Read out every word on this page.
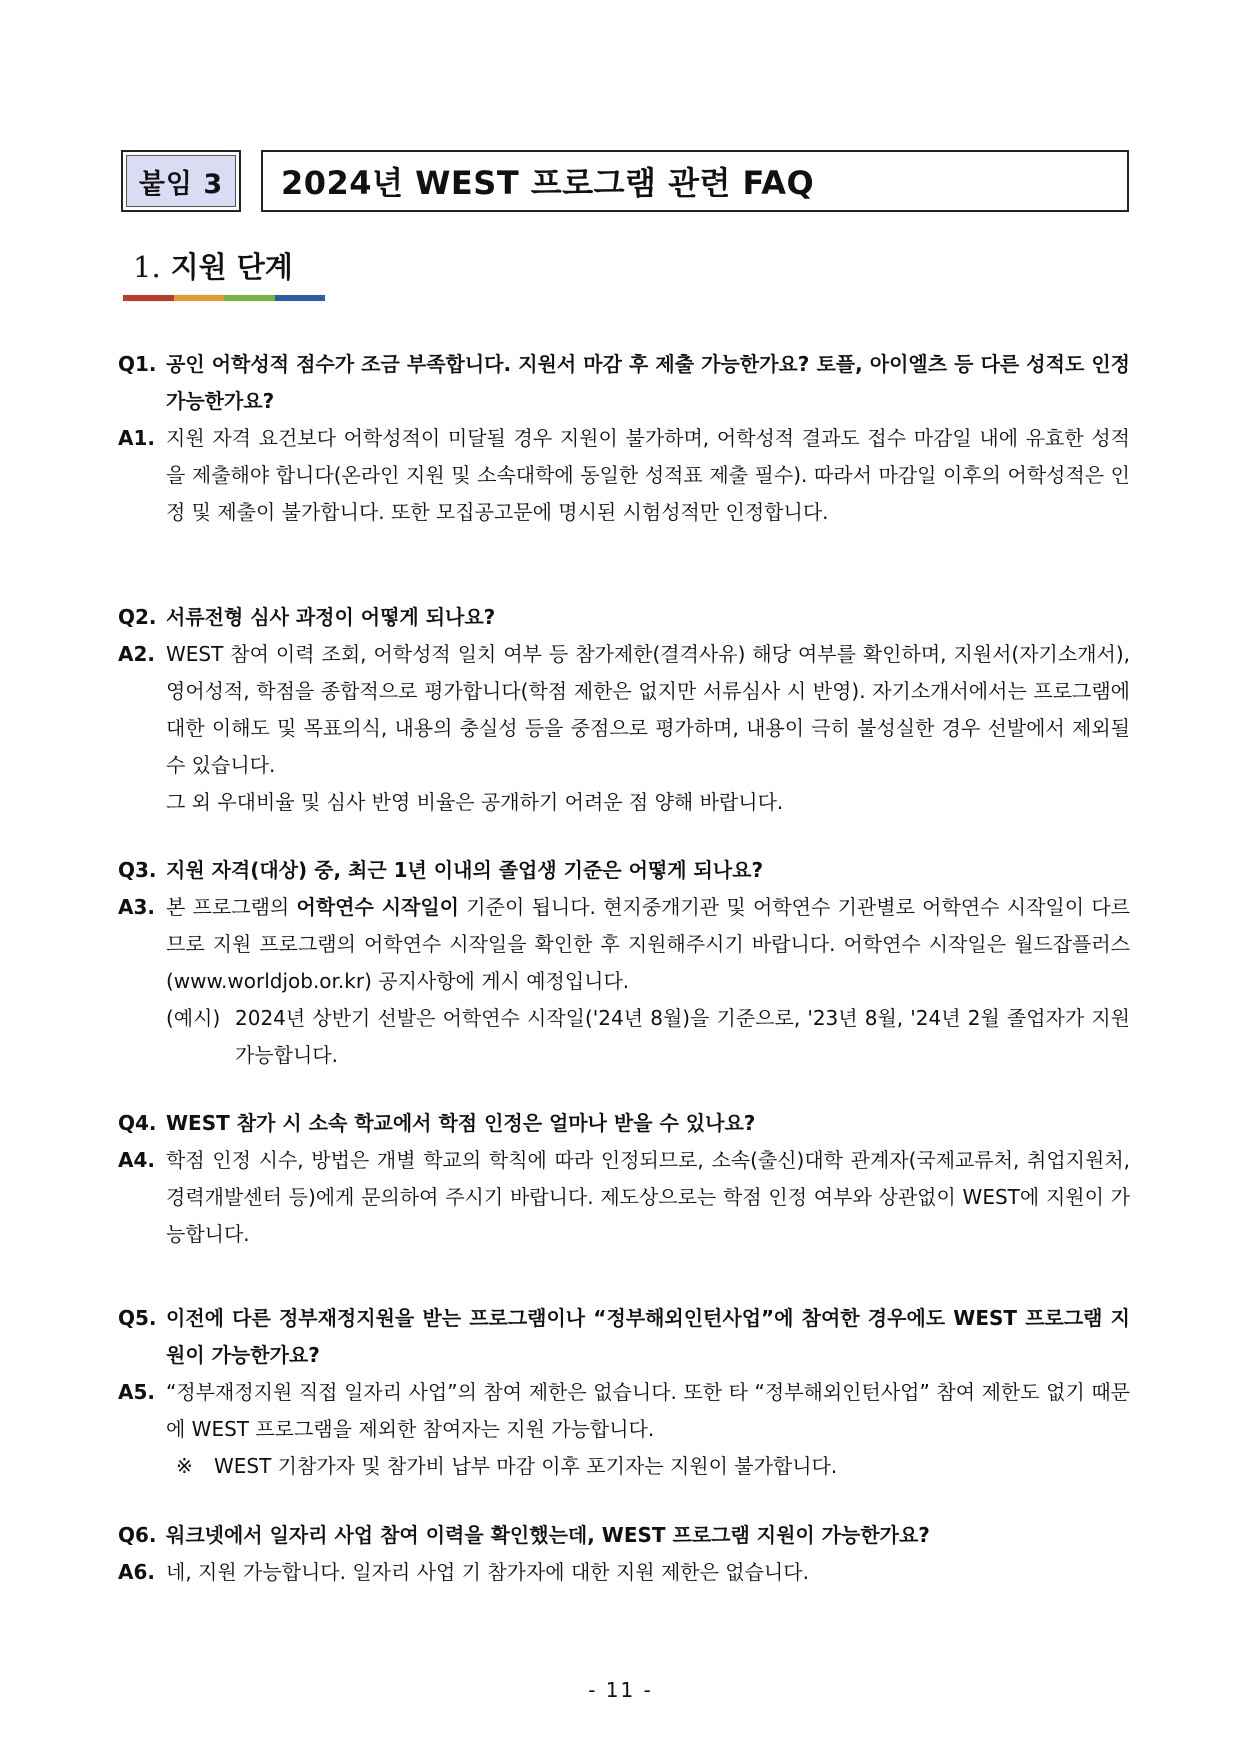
붙임 3	2024년 WEST 프로그램 관련 FAQ
1. 지원 단계
Q1. 공인 어학성적 점수가 조금 부족합니다. 지원서 마감 후 제출 가능한가요? 토플, 아이엘츠 등 다른 성적도 인정 가능한가요?
A1. 지원 자격 요건보다 어학성적이 미달될 경우 지원이 불가하며, 어학성적 결과도 접수 마감일 내에 유효한 성적을 제출해야 합니다(온라인 지원 및 소속대학에 동일한 성적표 제출 필수). 따라서 마감일 이후의 어학성적은 인정 및 제출이 불가합니다. 또한 모집공고문에 명시된 시험성적만 인정합니다.
Q2. 서류전형 심사 과정이 어떻게 되나요?
A2. WEST 참여 이력 조회, 어학성적 일치 여부 등 참가제한(결격사유) 해당 여부를 확인하며, 지원서(자기소개서), 영어성적, 학점을 종합적으로 평가합니다(학점 제한은 없지만 서류심사 시 반영). 자기소개서에서는 프로그램에 대한 이해도 및 목표의식, 내용의 충실성 등을 중점으로 평가하며, 내용이 극히 불성실한 경우 선발에서 제외될 수 있습니다.
그 외 우대비율 및 심사 반영 비율은 공개하기 어려운 점 양해 바랍니다.
Q3. 지원 자격(대상) 중, 최근 1년 이내의 졸업생 기준은 어떻게 되나요?
A3. 본 프로그램의 어학연수 시작일이 기준이 됩니다. 현지중개기관 및 어학연수 기관별로 어학연수 시작일이 다르므로 지원 프로그램의 어학연수 시작일을 확인한 후 지원해주시기 바랍니다. 어학연수 시작일은 월드잡플러스(www.worldjob.or.kr) 공지사항에 게시 예정입니다.
(예시) 2024년 상반기 선발은 어학연수 시작일('24년 8월)을 기준으로, '23년 8월, '24년 2월 졸업자가 지원 가능합니다.
Q4. WEST 참가 시 소속 학교에서 학점 인정은 얼마나 받을 수 있나요?
A4. 학점 인정 시수, 방법은 개별 학교의 학칙에 따라 인정되므로, 소속(출신)대학 관계자(국제교류처, 취업지원처, 경력개발센터 등)에게 문의하여 주시기 바랍니다. 제도상으로는 학점 인정 여부와 상관없이 WEST에 지원이 가능합니다.
Q5. 이전에 다른 정부재정지원을 받는 프로그램이나 “정부해외인턴사업”에 참여한 경우에도 WEST 프로그램 지원이 가능한가요?
A5. “정부재정지원 직접 일자리 사업”의 참여 제한은 없습니다. 또한 타 “정부해외인턴사업” 참여 제한도 없기 때문에 WEST 프로그램을 제외한 참여자는 지원 가능합니다.
※	WEST 기참가자 및 참가비 납부 마감 이후 포기자는 지원이 불가합니다.
Q6. 워크넷에서 일자리 사업 참여 이력을 확인했는데, WEST 프로그램 지원이 가능한가요?
A6. 네, 지원 가능합니다. 일자리 사업 기 참가자에 대한 지원 제한은 없습니다.
- 11 -
